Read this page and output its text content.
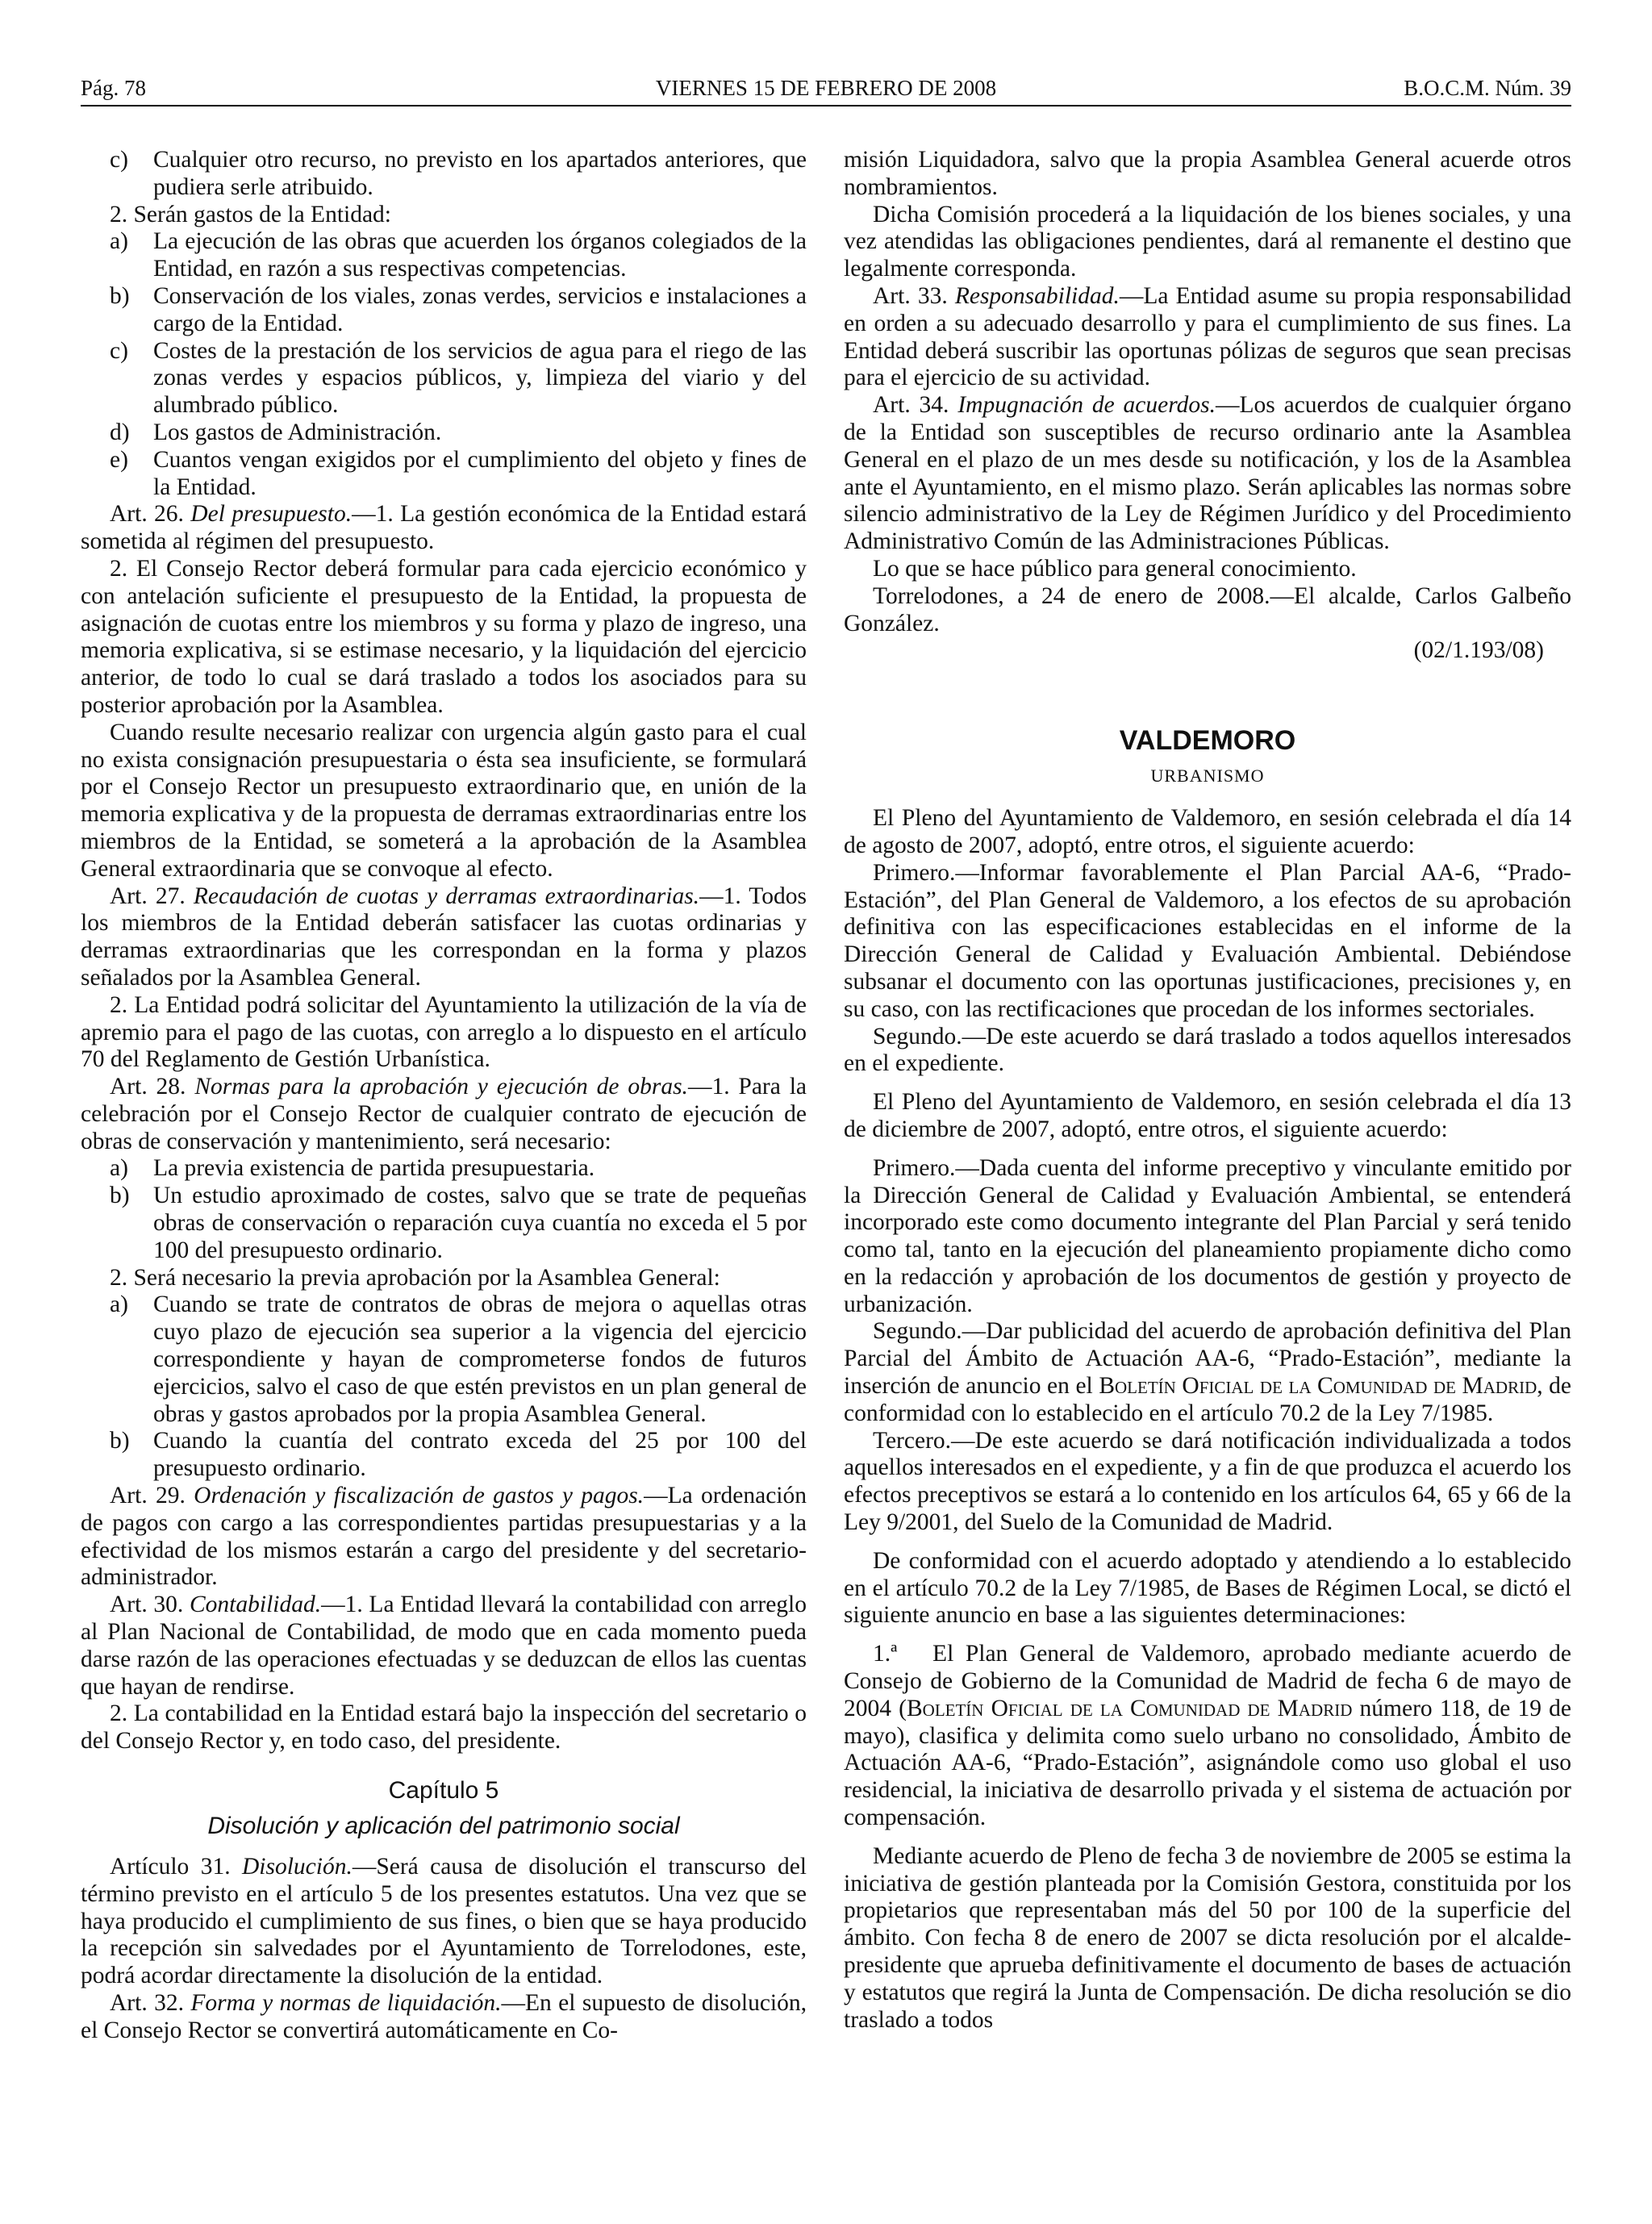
Pág. 78	VIERNES 15 DE FEBRERO DE 2008	B.O.C.M. Núm. 39

c) Cualquier otro recurso, no previsto en los apartados anteriores, que pudiera serle atribuido.

2. Serán gastos de la Entidad:

a) La ejecución de las obras que acuerden los órganos colegiados de la Entidad, en razón a sus respectivas competencias.

b) Conservación de los viales, zonas verdes, servicios e instalaciones a cargo de la Entidad.

c) Costes de la prestación de los servicios de agua para el riego de las zonas verdes y espacios públicos, y, limpieza del viario y del alumbrado público.

d) Los gastos de Administración.

e) Cuantos vengan exigidos por el cumplimiento del objeto y fines de la Entidad.

Art. 26. Del presupuesto.—1. La gestión económica de la Entidad estará sometida al régimen del presupuesto.

2. El Consejo Rector deberá formular para cada ejercicio económico y con antelación suficiente el presupuesto de la Entidad, la propuesta de asignación de cuotas entre los miembros y su forma y plazo de ingreso, una memoria explicativa, si se estimase necesario, y la liquidación del ejercicio anterior, de todo lo cual se dará traslado a todos los asociados para su posterior aprobación por la Asamblea.

Cuando resulte necesario realizar con urgencia algún gasto para el cual no exista consignación presupuestaria o ésta sea insuficiente, se formulará por el Consejo Rector un presupuesto extraordinario que, en unión de la memoria explicativa y de la propuesta de derramas extraordinarias entre los miembros de la Entidad, se someterá a la aprobación de la Asamblea General extraordinaria que se convoque al efecto.

Art. 27. Recaudación de cuotas y derramas extraordinarias.—1. Todos los miembros de la Entidad deberán satisfacer las cuotas ordinarias y derramas extraordinarias que les correspondan en la forma y plazos señalados por la Asamblea General.

2. La Entidad podrá solicitar del Ayuntamiento la utilización de la vía de apremio para el pago de las cuotas, con arreglo a lo dispuesto en el artículo 70 del Reglamento de Gestión Urbanística.

Art. 28. Normas para la aprobación y ejecución de obras.—1. Para la celebración por el Consejo Rector de cualquier contrato de ejecución de obras de conservación y mantenimiento, será necesario:

a) La previa existencia de partida presupuestaria.

b) Un estudio aproximado de costes, salvo que se trate de pequeñas obras de conservación o reparación cuya cuantía no exceda el 5 por 100 del presupuesto ordinario.

2. Será necesario la previa aprobación por la Asamblea General:

a) Cuando se trate de contratos de obras de mejora o aquellas otras cuyo plazo de ejecución sea superior a la vigencia del ejercicio correspondiente y hayan de comprometerse fondos de futuros ejercicios, salvo el caso de que estén previstos en un plan general de obras y gastos aprobados por la propia Asamblea General.

b) Cuando la cuantía del contrato exceda del 25 por 100 del presupuesto ordinario.

Art. 29. Ordenación y fiscalización de gastos y pagos.—La ordenación de pagos con cargo a las correspondientes partidas presupuestarias y a la efectividad de los mismos estarán a cargo del presidente y del secretario-administrador.

Art. 30. Contabilidad.—1. La Entidad llevará la contabilidad con arreglo al Plan Nacional de Contabilidad, de modo que en cada momento pueda darse razón de las operaciones efectuadas y se deduzcan de ellos las cuentas que hayan de rendirse.

2. La contabilidad en la Entidad estará bajo la inspección del secretario o del Consejo Rector y, en todo caso, del presidente.

Capítulo 5
Disolución y aplicación del patrimonio social

Artículo 31. Disolución.—Será causa de disolución el transcurso del término previsto en el artículo 5 de los presentes estatutos. Una vez que se haya producido el cumplimiento de sus fines, o bien que se haya producido la recepción sin salvedades por el Ayuntamiento de Torrelodones, este, podrá acordar directamente la disolución de la entidad.

Art. 32. Forma y normas de liquidación.—En el supuesto de disolución, el Consejo Rector se convertirá automáticamente en Co-

misión Liquidadora, salvo que la propia Asamblea General acuerde otros nombramientos.

Dicha Comisión procederá a la liquidación de los bienes sociales, y una vez atendidas las obligaciones pendientes, dará al remanente el destino que legalmente corresponda.

Art. 33. Responsabilidad.—La Entidad asume su propia responsabilidad en orden a su adecuado desarrollo y para el cumplimiento de sus fines. La Entidad deberá suscribir las oportunas pólizas de seguros que sean precisas para el ejercicio de su actividad.

Art. 34. Impugnación de acuerdos.—Los acuerdos de cualquier órgano de la Entidad son susceptibles de recurso ordinario ante la Asamblea General en el plazo de un mes desde su notificación, y los de la Asamblea ante el Ayuntamiento, en el mismo plazo. Serán aplicables las normas sobre silencio administrativo de la Ley de Régimen Jurídico y del Procedimiento Administrativo Común de las Administraciones Públicas.

Lo que se hace público para general conocimiento.

Torrelodones, a 24 de enero de 2008.—El alcalde, Carlos Galbeño González.

(02/1.193/08)

VALDEMORO
URBANISMO

El Pleno del Ayuntamiento de Valdemoro, en sesión celebrada el día 14 de agosto de 2007, adoptó, entre otros, el siguiente acuerdo:

Primero.—Informar favorablemente el Plan Parcial AA-6, “Prado-Estación”, del Plan General de Valdemoro, a los efectos de su aprobación definitiva con las especificaciones establecidas en el informe de la Dirección General de Calidad y Evaluación Ambiental. Debiéndose subsanar el documento con las oportunas justificaciones, precisiones y, en su caso, con las rectificaciones que procedan de los informes sectoriales.

Segundo.—De este acuerdo se dará traslado a todos aquellos interesados en el expediente.

El Pleno del Ayuntamiento de Valdemoro, en sesión celebrada el día 13 de diciembre de 2007, adoptó, entre otros, el siguiente acuerdo:

Primero.—Dada cuenta del informe preceptivo y vinculante emitido por la Dirección General de Calidad y Evaluación Ambiental, se entenderá incorporado este como documento integrante del Plan Parcial y será tenido como tal, tanto en la ejecución del planeamiento propiamente dicho como en la redacción y aprobación de los documentos de gestión y proyecto de urbanización.

Segundo.—Dar publicidad del acuerdo de aprobación definitiva del Plan Parcial del Ámbito de Actuación AA-6, “Prado-Estación”, mediante la inserción de anuncio en el Boletín Oficial de la Comunidad de Madrid, de conformidad con lo establecido en el artículo 70.2 de la Ley 7/1985.

Tercero.—De este acuerdo se dará notificación individualizada a todos aquellos interesados en el expediente, y a fin de que produzca el acuerdo los efectos preceptivos se estará a lo contenido en los artículos 64, 65 y 66 de la Ley 9/2001, del Suelo de la Comunidad de Madrid.

De conformidad con el acuerdo adoptado y atendiendo a lo establecido en el artículo 70.2 de la Ley 7/1985, de Bases de Régimen Local, se dictó el siguiente anuncio en base a las siguientes determinaciones:

1.ª El Plan General de Valdemoro, aprobado mediante acuerdo de Consejo de Gobierno de la Comunidad de Madrid de fecha 6 de mayo de 2004 (Boletín Oficial de la Comunidad de Madrid número 118, de 19 de mayo), clasifica y delimita como suelo urbano no consolidado, Ámbito de Actuación AA-6, “Prado-Estación”, asignándole como uso global el uso residencial, la iniciativa de desarrollo privada y el sistema de actuación por compensación.

Mediante acuerdo de Pleno de fecha 3 de noviembre de 2005 se estima la iniciativa de gestión planteada por la Comisión Gestora, constituida por los propietarios que representaban más del 50 por 100 de la superficie del ámbito. Con fecha 8 de enero de 2007 se dicta resolución por el alcalde-presidente que aprueba definitivamente el documento de bases de actuación y estatutos que regirá la Junta de Compensación. De dicha resolución se dio traslado a todos
